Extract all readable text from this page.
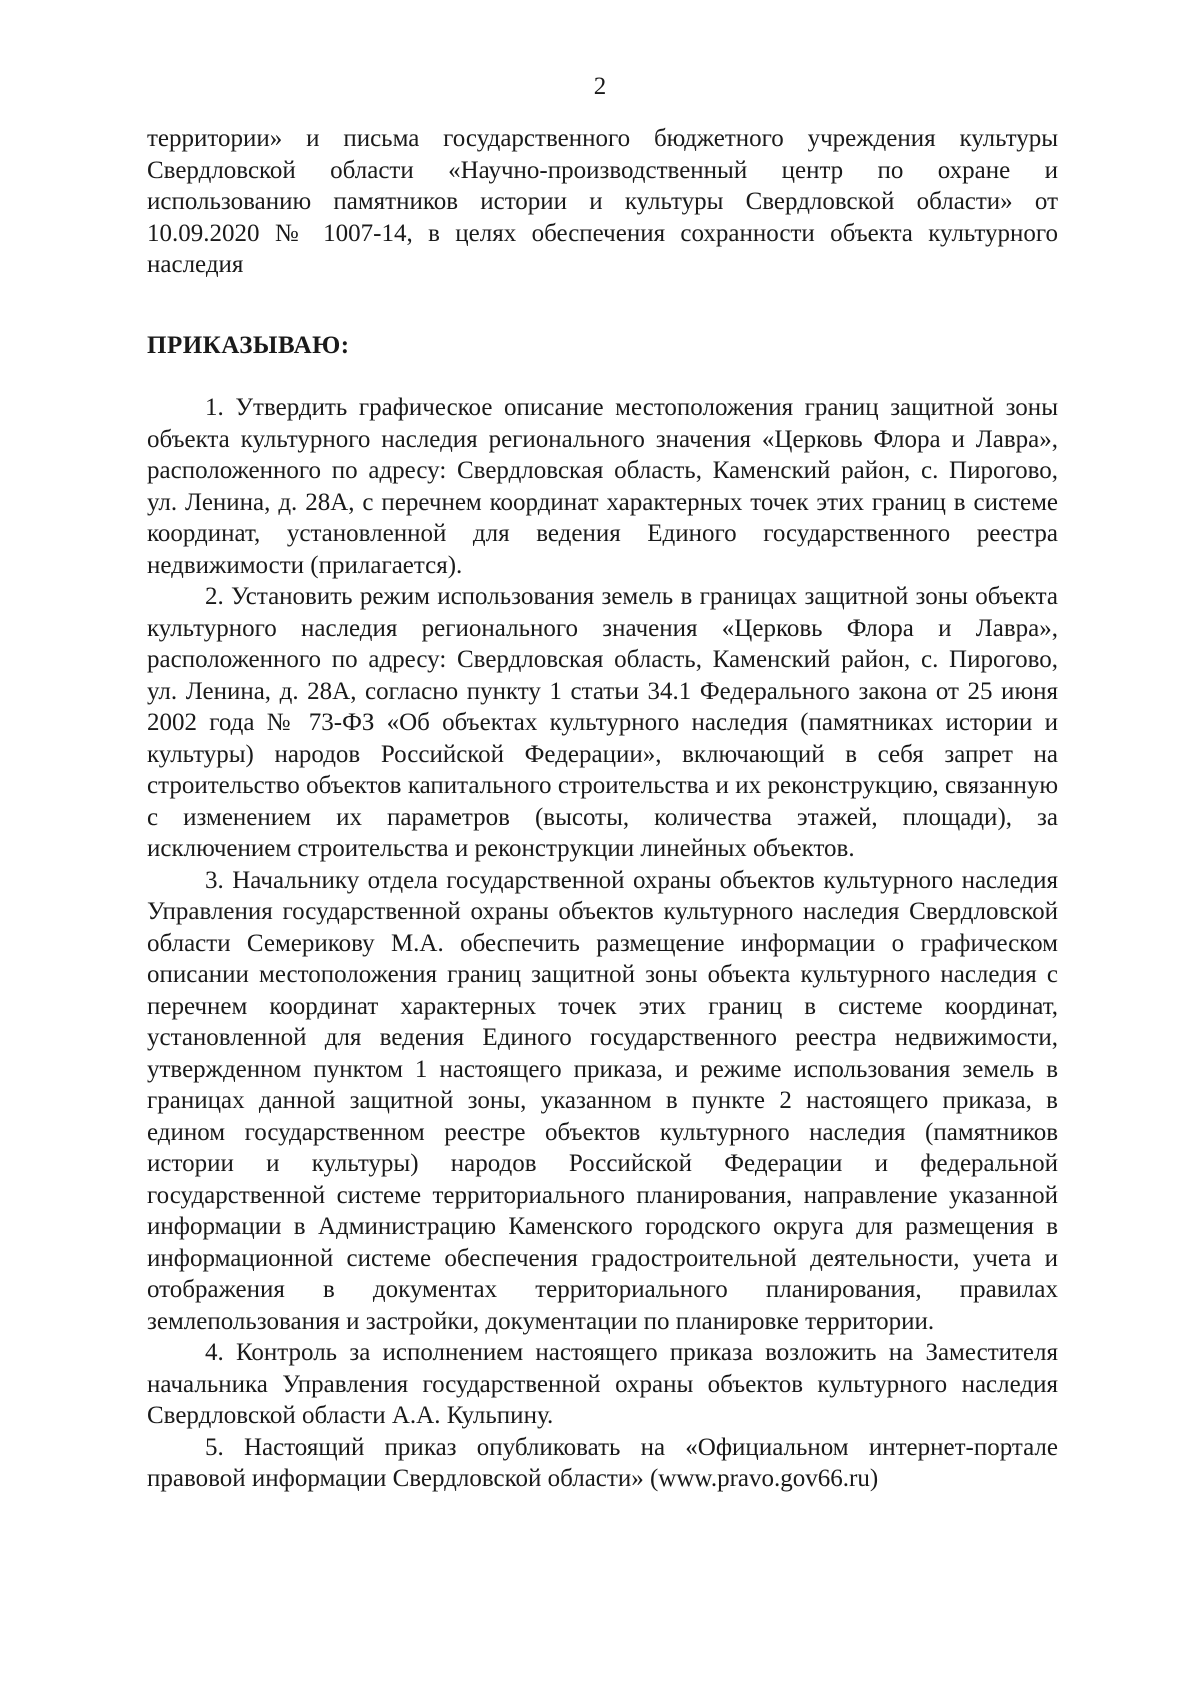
2

территории» и письма государственного бюджетного учреждения культуры Свердловской области «Научно-производственный центр по охране и использованию памятников истории и культуры Свердловской области» от 10.09.2020 № 1007-14, в целях обеспечения сохранности объекта культурного наследия

ПРИКАЗЫВАЮ:

1. Утвердить графическое описание местоположения границ защитной зоны объекта культурного наследия регионального значения «Церковь Флора и Лавра», расположенного по адресу: Свердловская область, Каменский район, с. Пирогово, ул. Ленина, д. 28А, с перечнем координат характерных точек этих границ в системе координат, установленной для ведения Единого государственного реестра недвижимости (прилагается).

2. Установить режим использования земель в границах защитной зоны объекта культурного наследия регионального значения «Церковь Флора и Лавра», расположенного по адресу: Свердловская область, Каменский район, с. Пирогово, ул. Ленина, д. 28А, согласно пункту 1 статьи 34.1 Федерального закона от 25 июня 2002 года № 73-ФЗ «Об объектах культурного наследия (памятниках истории и культуры) народов Российской Федерации», включающий в себя запрет на строительство объектов капитального строительства и их реконструкцию, связанную с изменением их параметров (высоты, количества этажей, площади), за исключением строительства и реконструкции линейных объектов.

3. Начальнику отдела государственной охраны объектов культурного наследия Управления государственной охраны объектов культурного наследия Свердловской области Семерикову М.А. обеспечить размещение информации о графическом описании местоположения границ защитной зоны объекта культурного наследия с перечнем координат характерных точек этих границ в системе координат, установленной для ведения Единого государственного реестра недвижимости, утвержденном пунктом 1 настоящего приказа, и режиме использования земель в границах данной защитной зоны, указанном в пункте 2 настоящего приказа, в едином государственном реестре объектов культурного наследия (памятников истории и культуры) народов Российской Федерации и федеральной государственной системе территориального планирования, направление указанной информации в Администрацию Каменского городского округа для размещения в информационной системе обеспечения градостроительной деятельности, учета и отображения в документах территориального планирования, правилах землепользования и застройки, документации по планировке территории.

4. Контроль за исполнением настоящего приказа возложить на Заместителя начальника Управления государственной охраны объектов культурного наследия Свердловской области А.А. Кульпину.

5. Настоящий приказ опубликовать на «Официальном интернет-портале правовой информации Свердловской области» (www.pravo.gov66.ru)
